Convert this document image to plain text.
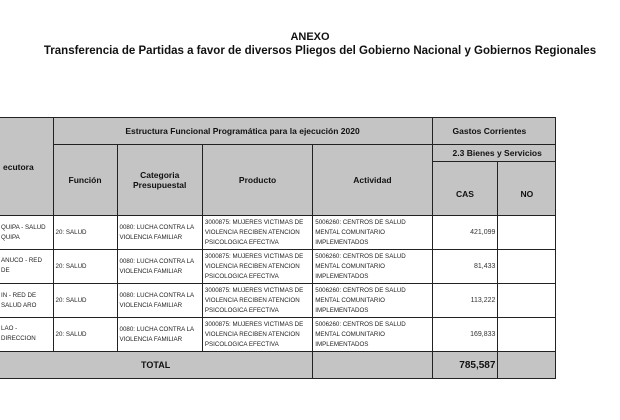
ANEXO
Transferencia de Partidas a favor de diversos Pliegos del Gobierno Nacional y Gobiernos Regionales
ecutora	Estructura Funcional Programática para la ejecución 2020				Gastos Corrientes	
	Función	Categoria Presupuestal	Producto	Actividad	2.3 Bienes y Servicios	
					CAS	NO
QUIPA - SALUD QUIPA	20: SALUD	0080: LUCHA CONTRA LA VIOLENCIA FAMILIAR	3000875: MUJERES VICTIMAS DE VIOLENCIA RECIBEN ATENCION PSICOLOGICA EFECTIVA	5006260: CENTROS DE SALUD MENTAL COMUNITARIO IMPLEMENTADOS	421,099	
ANUCO - RED DE	20: SALUD	0080: LUCHA CONTRA LA VIOLENCIA FAMILIAR	3000875: MUJERES VICTIMAS DE VIOLENCIA RECIBEN ATENCION PSICOLOGICA EFECTIVA	5006260: CENTROS DE SALUD MENTAL COMUNITARIO IMPLEMENTADOS	81,433	
IN - RED DE SALUD ARO	20: SALUD	0080: LUCHA CONTRA LA VIOLENCIA FAMILIAR	3000875: MUJERES VICTIMAS DE VIOLENCIA RECIBEN ATENCION PSICOLOGICA EFECTIVA	5006260: CENTROS DE SALUD MENTAL COMUNITARIO IMPLEMENTADOS	113,222	
LAO - DIRECCION	20: SALUD	0080: LUCHA CONTRA LA VIOLENCIA FAMILIAR	3000875: MUJERES VICTIMAS DE VIOLENCIA RECIBEN ATENCION PSICOLOGICA EFECTIVA	5006260: CENTROS DE SALUD MENTAL COMUNITARIO IMPLEMENTADOS	169,833	
TOTAL					785,587	
